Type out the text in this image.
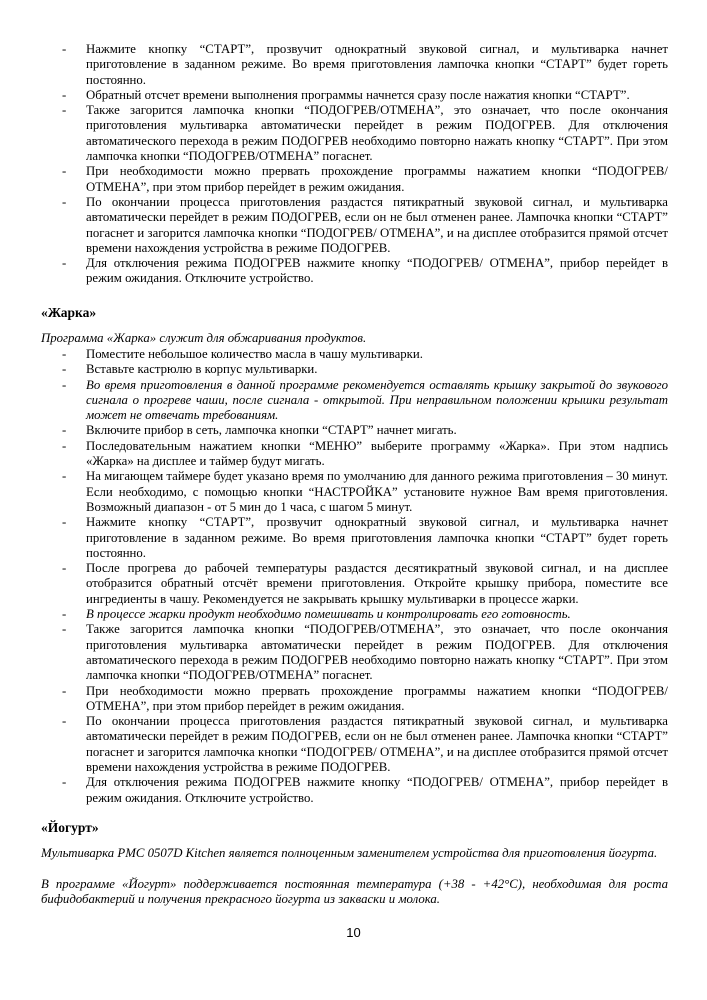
- Нажмите кнопку “СТАРТ”, прозвучит однократный звуковой сигнал, и мультиварка начнет приготовление в заданном режиме. Во время приготовления лампочка кнопки “СТАРТ” будет гореть постоянно.
- Обратный отсчет времени выполнения программы начнется сразу после нажатия кнопки “СТАРТ”.
- Также загорится лампочка кнопки “ПОДОГРЕВ/ОТМЕНА”, это означает, что после окончания приготовления мультиварка автоматически перейдет в режим ПОДОГРЕВ. Для отключения автоматического перехода в режим ПОДОГРЕВ необходимо повторно нажать кнопку “СТАРТ”. При этом лампочка кнопки “ПОДОГРЕВ/ОТМЕНА” погаснет.
- При необходимости можно прервать прохождение программы нажатием кнопки “ПОДОГРЕВ/ ОТМЕНА”, при этом прибор перейдет в режим ожидания.
- По окончании процесса приготовления раздастся пятикратный звуковой сигнал, и мультиварка автоматически перейдет в режим ПОДОГРЕВ, если он не был отменен ранее. Лампочка кнопки “СТАРТ” погаснет и загорится лампочка кнопки “ПОДОГРЕВ/ ОТМЕНА”, и на дисплее отобразится прямой отсчет времени нахождения устройства в режиме ПОДОГРЕВ.
- Для отключения режима ПОДОГРЕВ нажмите кнопку “ПОДОГРЕВ/ ОТМЕНА”, прибор перейдет в режим ожидания. Отключите устройство.
«Жарка»
Программа «Жарка» служит для обжаривания продуктов.
- Поместите небольшое количество масла в чашу мультиварки.
- Вставьте кастрюлю в корпус мультиварки.
- Во время приготовления в данной программе рекомендуется оставлять крышку закрытой до звукового сигнала о прогреве чаши, после сигнала - открытой. При неправильном положении крышки результат может не отвечать требованиям.
- Включите прибор в сеть, лампочка кнопки “СТАРТ” начнет мигать.
- Последовательным нажатием кнопки “МЕНЮ” выберите программу «Жарка». При этом надпись «Жарка» на дисплее и таймер будут мигать.
- На мигающем таймере будет указано время по умолчанию для данного режима приготовления – 30 минут. Если необходимо, с помощью кнопки “НАСТРОЙКА” установите нужное Вам время приготовления. Возможный диапазон - от 5 мин до 1 часа, с шагом 5 минут.
- Нажмите кнопку “СТАРТ”, прозвучит однократный звуковой сигнал, и мультиварка начнет приготовление в заданном режиме. Во время приготовления лампочка кнопки “СТАРТ” будет гореть постоянно.
- После прогрева до рабочей температуры раздастся десятикратный звуковой сигнал, и на дисплее отобразится обратный отсчёт времени приготовления. Откройте крышку прибора, поместите все ингредиенты в чашу. Рекомендуется не закрывать крышку мультиварки в процессе жарки.
- В процессе жарки продукт необходимо помешивать и контролировать его готовность.
- Также загорится лампочка кнопки “ПОДОГРЕВ/ОТМЕНА”, это означает, что после окончания приготовления мультиварка автоматически перейдет в режим ПОДОГРЕВ. Для отключения автоматического перехода в режим ПОДОГРЕВ необходимо повторно нажать кнопку “СТАРТ”. При этом лампочка кнопки “ПОДОГРЕВ/ОТМЕНА” погаснет.
- При необходимости можно прервать прохождение программы нажатием кнопки “ПОДОГРЕВ/ ОТМЕНА”, при этом прибор перейдет в режим ожидания.
- По окончании процесса приготовления раздастся пятикратный звуковой сигнал, и мультиварка автоматически перейдет в режим ПОДОГРЕВ, если он не был отменен ранее. Лампочка кнопки “СТАРТ” погаснет и загорится лампочка кнопки “ПОДОГРЕВ/ ОТМЕНА”, и на дисплее отобразится прямой отсчет времени нахождения устройства в режиме ПОДОГРЕВ.
- Для отключения режима ПОДОГРЕВ нажмите кнопку “ПОДОГРЕВ/ ОТМЕНА”, прибор перейдет в режим ожидания. Отключите устройство.
«Йогурт»
Мультиварка PMC 0507D Kitchen является полноценным заменителем устройства для приготовления йогурта.
В программе «Йогурт» поддерживается постоянная температура (+38 - +42°C), необходимая для роста бифидобактерий и получения прекрасного йогурта из закваски и молока.
10
